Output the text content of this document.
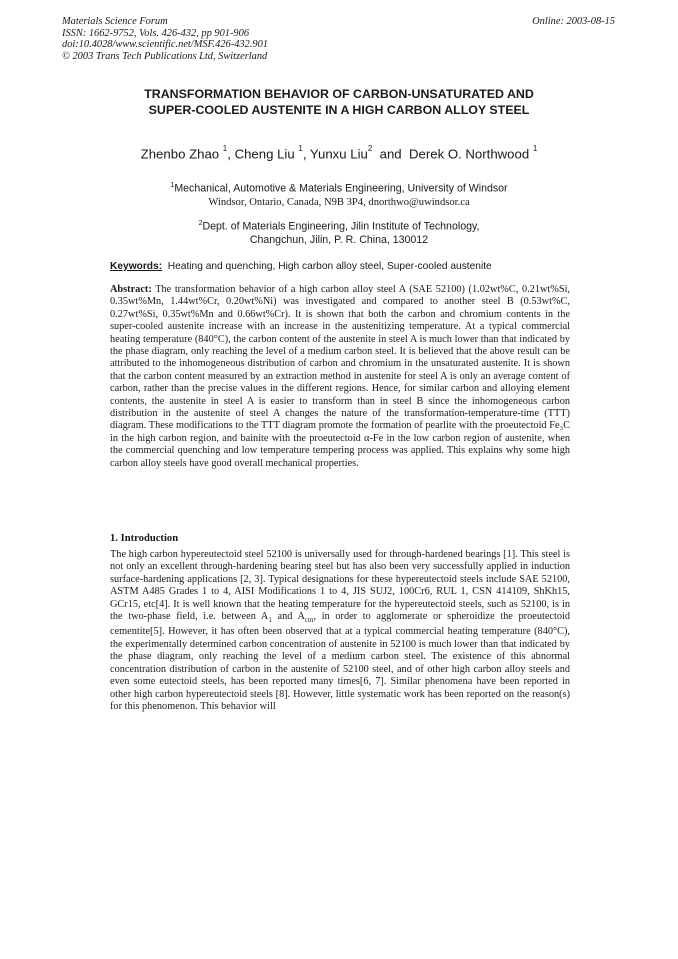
Materials Science Forum
ISSN: 1662-9752, Vols. 426-432, pp 901-906
doi:10.4028/www.scientific.net/MSF.426-432.901
© 2003 Trans Tech Publications Ltd, Switzerland
Online: 2003-08-15
TRANSFORMATION BEHAVIOR OF CARBON-UNSATURATED AND
SUPER-COOLED AUSTENITE IN A HIGH CARBON ALLOY STEEL
Zhenbo Zhao $^1$, Cheng Liu $^1$, Yunxu Liu$^2$ and Derek O. Northwood $^1$
$^1$Mechanical, Automotive & Materials Engineering, University of Windsor
Windsor, Ontario, Canada, N9B 3P4, dnorthwo@uwindsor.ca
$^2$Dept. of Materials Engineering, Jilin Institute of Technology,
Changchun, Jilin, P. R. China, 130012
Keywords: Heating and quenching, High carbon alloy steel, Super-cooled austenite
Abstract: The transformation behavior of a high carbon alloy steel A (SAE 52100) (1.02wt%C, 0.21wt%Si, 0.35wt%Mn, 1.44wt%Cr, 0.20wt%Ni) was investigated and compared to another steel B (0.53wt%C, 0.27wt%Si, 0.35wt%Mn and 0.66wt%Cr). It is shown that both the carbon and chromium contents in the super-cooled austenite increase with an increase in the austenitizing temperature. At a typical commercial heating temperature (840°C), the carbon content of the austenite in steel A is much lower than that indicated by the phase diagram, only reaching the level of a medium carbon steel. It is believed that the above result can be attributed to the inhomogeneous distribution of carbon and chromium in the unsaturated austenite. It is shown that the carbon content measured by an extraction method in austenite for steel A is only an average content of carbon, rather than the precise values in the different regions. Hence, for similar carbon and alloying element contents, the austenite in steel A is easier to transform than in steel B since the inhomogeneous carbon distribution in the austenite of steel A changes the nature of the transformation-temperature-time (TTT) diagram. These modifications to the TTT diagram promote the formation of pearlite with the proeutectoid Fe₃C in the high carbon region, and bainite with the proeutectoid α-Fe in the low carbon region of austenite, when the commercial quenching and low temperature tempering process was applied. This explains why some high carbon alloy steels have good overall mechanical properties.
1. Introduction
The high carbon hypereutectoid steel 52100 is universally used for through-hardened bearings [1]. This steel is not only an excellent through-hardening bearing steel but has also been very successfully applied in induction surface-hardening applications [2, 3]. Typical designations for these hypereutectoid steels include SAE 52100, ASTM A485 Grades 1 to 4, AISI Modifications 1 to 4, JIS SUJ2, 100Cr6, RUL 1, CSN 414109, ShKh15, GCr15, etc[4]. It is well known that the heating temperature for the hypereutectoid steels, such as 52100, is in the two-phase field, i.e. between $A_1$ and $A_{cm}$, in order to agglomerate or spheroidize the proeutectoid cementite[5]. However, it has often been observed that at a typical commercial heating temperature (840°C), the experimentally determined carbon concentration of austenite in 52100 is much lower than that indicated by the phase diagram, only reaching the level of a medium carbon steel. The existence of this abnormal concentration distribution of carbon in the austenite of 52100 steel, and of other high carbon alloy steels and even some eutectoid steels, has been reported many times[6, 7]. Similar phenomena have been reported in other high carbon hypereutectoid steels [8]. However, little systematic work has been reported on the reason(s) for this phenomenon. This behavior will
